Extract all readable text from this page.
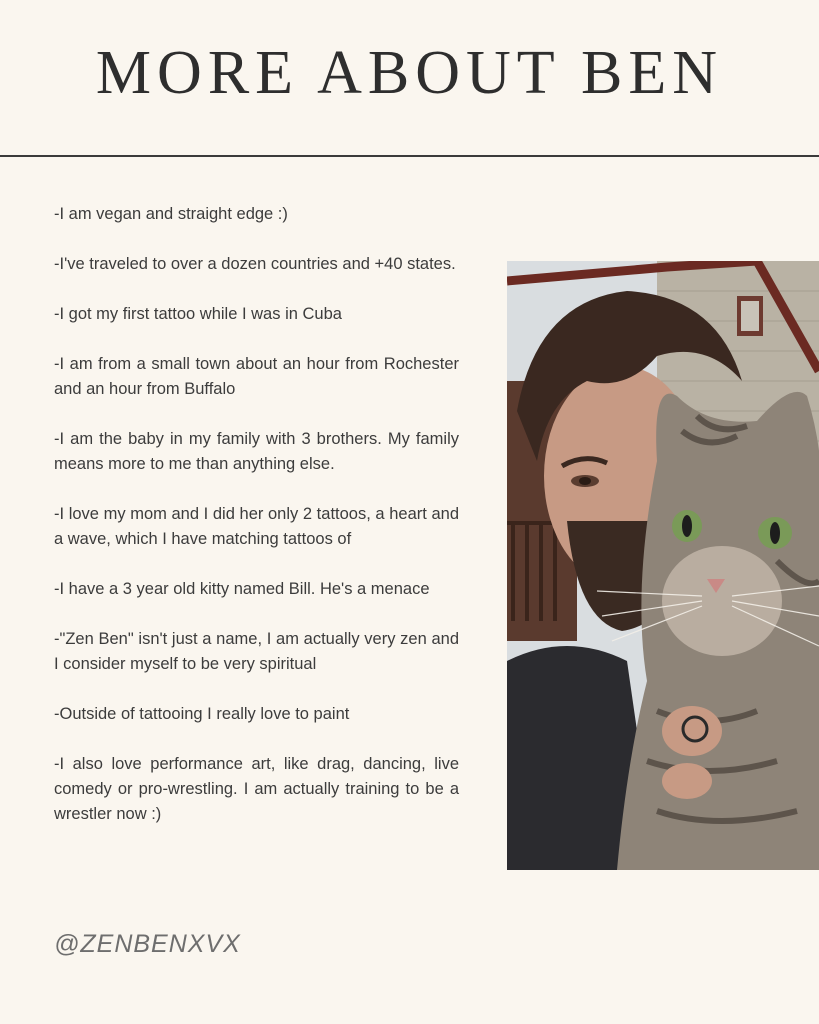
MORE ABOUT BEN

-I am vegan and straight edge :)

-I've traveled to over a dozen countries and +40 states.

-I got my first tattoo while I was in Cuba

-I am from a small town about an hour from Rochester and an hour from Buffalo

-I am the baby in my family with 3 brothers. My family means more to me than anything else.

-I love my mom and I did her only 2 tattoos, a heart and a wave, which I have matching tattoos of

-I have a 3 year old kitty named Bill. He's a menace

-"Zen Ben" isn't just a name, I am actually very zen and I consider myself to be very spiritual

-Outside of tattooing I really love to paint

-I also love performance art, like drag, dancing, live comedy or pro-wrestling. I am actually training to be a wrestler now :)

@ZENBENXVX
